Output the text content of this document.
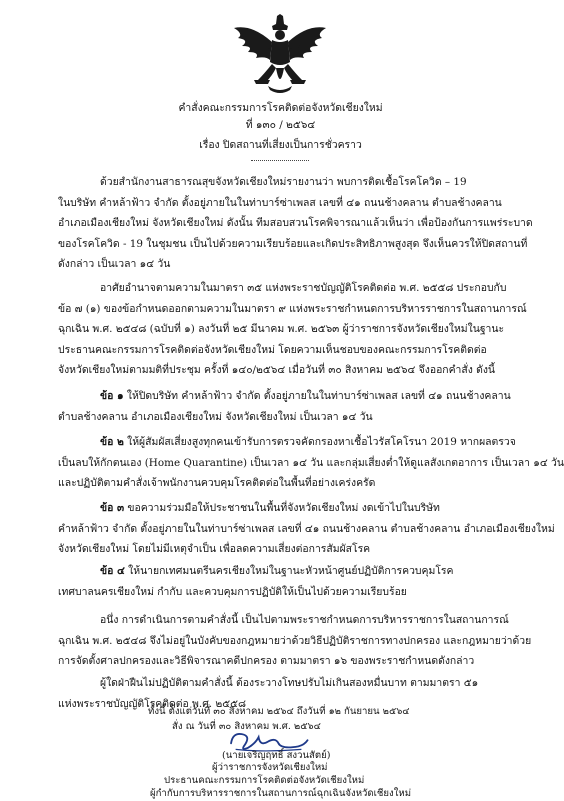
คำสั่งคณะกรรมการโรคติดต่อจังหวัดเชียงใหม่
ที่ ๑๓๐ / ๒๕๖๔
เรื่อง ปิดสถานที่เสี่ยงเป็นการชั่วคราว
ด้วยสำนักงานสาธารณสุขจังหวัดเชียงใหม่รายงานว่า พบการติดเชื้อโรคโควิด – 19
ในบริษัท คำหล้าฟ้าว จำกัด ตั้งอยู่ภายในในท่าบาร์ซ่าเพลส เลขที่ ๔๑ ถนนช้างคลาน ตำบลช้างคลาน
อำเภอเมืองเชียงใหม่ จังหวัดเชียงใหม่ ดังนั้น ทีมสอบสวนโรคพิจารณาแล้วเห็นว่า เพื่อป้องกันการแพร่ระบาด
ของโรคโควิด - 19 ในชุมชน เป็นไปด้วยความเรียบร้อยและเกิดประสิทธิภาพสูงสุด จึงเห็นควรให้ปิดสถานที่
ดังกล่าว เป็นเวลา ๑๔ วัน
อาศัยอำนาจตามความในมาตรา ๓๕ แห่งพระราชบัญญัติโรคติดต่อ พ.ศ. ๒๕๕๘ ประกอบกับ
ข้อ ๗ (๑) ของข้อกำหนดออกตามความในมาตรา ๙ แห่งพระราชกำหนดการบริหารราชการในสถานการณ์
ฉุกเฉิน พ.ศ. ๒๕๔๘ (ฉบับที่ ๑) ลงวันที่ ๒๕ มีนาคม พ.ศ. ๒๕๖๓ ผู้ว่าราชการจังหวัดเชียงใหม่ในฐานะ
ประธานคณะกรรมการโรคติดต่อจังหวัดเชียงใหม่ โดยความเห็นชอบของคณะกรรมการโรคติดต่อ
จังหวัดเชียงใหม่ตามมติที่ประชุม ครั้งที่ ๑๔๐/๒๕๖๔ เมื่อวันที่ ๓๐ สิงหาคม ๒๕๖๔ จึงออกคำสั่ง ดังนี้
ข้อ ๑ ให้ปิดบริษัท คำหล้าฟ้าว จำกัด ตั้งอยู่ภายในในท่าบาร์ซ่าเพลส เลขที่ ๔๑ ถนนช้างคลาน
ตำบลช้างคลาน อำเภอเมืองเชียงใหม่ จังหวัดเชียงใหม่ เป็นเวลา ๑๔ วัน
ข้อ ๒ ให้ผู้สัมผัสเสี่ยงสูงทุกคนเข้ารับการตรวจคัดกรองหาเชื้อไวรัสโคโรนา 2019 หากผลตรวจ
เป็นลบให้กักตนเอง (Home Quarantine) เป็นเวลา ๑๔ วัน และกลุ่มเสี่ยงต่ำให้ดูแลสังเกตอาการ เป็นเวลา ๑๔ วัน
และปฏิบัติตามคำสั่งเจ้าพนักงานควบคุมโรคติดต่อในพื้นที่อย่างเคร่งครัด
ข้อ ๓ ขอความร่วมมือให้ประชาชนในพื้นที่จังหวัดเชียงใหม่ งดเข้าไปในบริษัท
คำหล้าฟ้าว จำกัด ตั้งอยู่ภายในในท่าบาร์ซ่าเพลส เลขที่ ๔๑ ถนนช้างคลาน ตำบลช้างคลาน อำเภอเมืองเชียงใหม่
จังหวัดเชียงใหม่ โดยไม่มีเหตุจำเป็น เพื่อลดความเสี่ยงต่อการสัมผัสโรค
ข้อ ๔ ให้นายกเทศมนตรีนครเชียงใหม่ในฐานะหัวหน้าศูนย์ปฏิบัติการควบคุมโรค
เทศบาลนครเชียงใหม่ กำกับ และควบคุมการปฏิบัติให้เป็นไปด้วยความเรียบร้อย
อนึ่ง การดำเนินการตามคำสั่งนี้ เป็นไปตามพระราชกำหนดการบริหารราชการในสถานการณ์
ฉุกเฉิน พ.ศ. ๒๕๔๘ จึงไม่อยู่ในบังคับของกฎหมายว่าด้วยวิธีปฏิบัติราชการทางปกครอง และกฎหมายว่าด้วย
การจัดตั้งศาลปกครองและวิธีพิจารณาคดีปกครอง ตามมาตรา ๑๖ ของพระราชกำหนดดังกล่าว
ผู้ใดฝ่าฝืนไม่ปฏิบัติตามคำสั่งนี้ ต้องระวางโทษปรับไม่เกินสองหมื่นบาท ตามมาตรา ๕๑
แห่งพระราชบัญญัติโรคติดต่อ พ.ศ. ๒๕๕๘
ทั้งนี้ ตั้งแต่วันที่ ๓๐ สิงหาคม ๒๕๖๔ ถึงวันที่ ๑๒ กันยายน ๒๕๖๔
สั่ง ณ วันที่ ๓๐ สิงหาคม พ.ศ. ๒๕๖๔
(นายเจริญฤทธิ์ สงวนสัตย์)
ผู้ว่าราชการจังหวัดเชียงใหม่
ประธานคณะกรรมการโรคติดต่อจังหวัดเชียงใหม่
ผู้กำกับการบริหารราชการในสถานการณ์ฉุกเฉินจังหวัดเชียงใหม่
